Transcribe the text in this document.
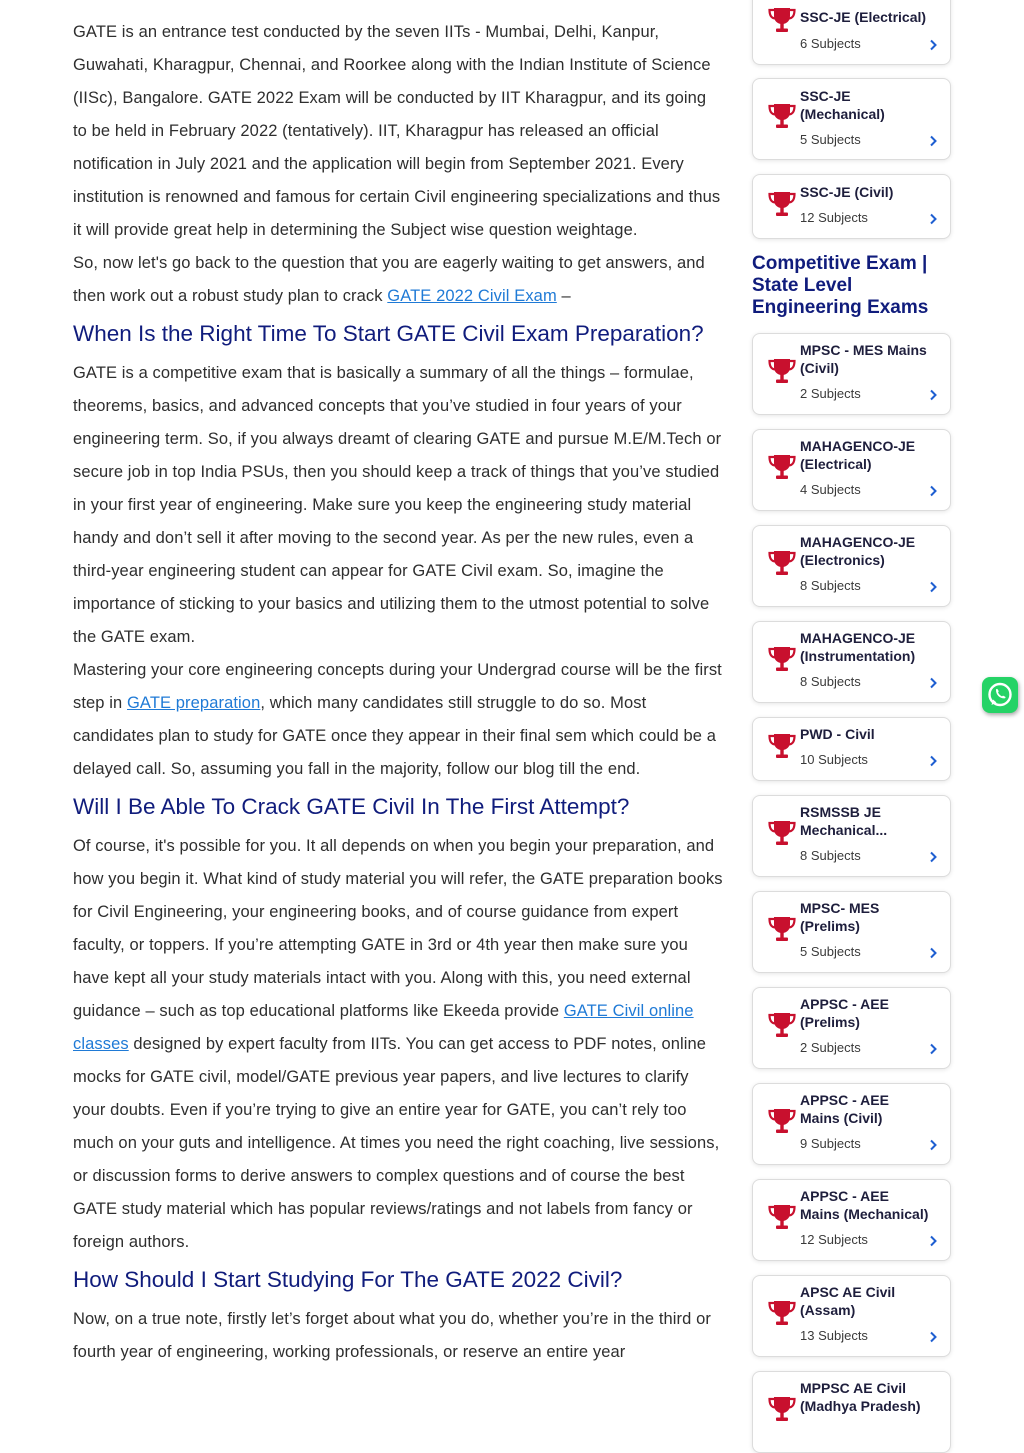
GATE is an entrance test conducted by the seven IITs - Mumbai, Delhi, Kanpur, Guwahati, Kharagpur, Chennai, and Roorkee along with the Indian Institute of Science (IISc), Bangalore. GATE 2022 Exam will be conducted by IIT Kharagpur, and its going to be held in February 2022 (tentatively). IIT, Kharagpur has released an official notification in July 2021 and the application will begin from September 2021. Every institution is renowned and famous for certain Civil engineering specializations and thus it will provide great help in determining the Subject wise question weightage.

So, now let's go back to the question that you are eagerly waiting to get answers, and then work out a robust study plan to crack GATE 2022 Civil Exam –

When Is the Right Time To Start GATE Civil Exam Preparation?

GATE is a competitive exam that is basically a summary of all the things – formulae, theorems, basics, and advanced concepts that you’ve studied in four years of your engineering term. So, if you always dreamt of clearing GATE and pursue M.E/M.Tech or secure job in top India PSUs, then you should keep a track of things that you’ve studied in your first year of engineering. Make sure you keep the engineering study material handy and don’t sell it after moving to the second year. As per the new rules, even a third-year engineering student can appear for GATE Civil exam. So, imagine the importance of sticking to your basics and utilizing them to the utmost potential to solve the GATE exam.

Mastering your core engineering concepts during your Undergrad course will be the first step in GATE preparation, which many candidates still struggle to do so. Most candidates plan to study for GATE once they appear in their final sem which could be a delayed call. So, assuming you fall in the majority, follow our blog till the end.

Will I Be Able To Crack GATE Civil In The First Attempt?

Of course, it's possible for you. It all depends on when you begin your preparation, and how you begin it. What kind of study material you will refer, the GATE preparation books for Civil Engineering, your engineering books, and of course guidance from expert faculty, or toppers. If you’re attempting GATE in 3rd or 4th year then make sure you have kept all your study materials intact with you. Along with this, you need external guidance – such as top educational platforms like Ekeeda provide GATE Civil online classes designed by expert faculty from IITs. You can get access to PDF notes, online mocks for GATE civil, model/GATE previous year papers, and live lectures to clarify your doubts. Even if you’re trying to give an entire year for GATE, you can’t rely too much on your guts and intelligence. At times you need the right coaching, live sessions, or discussion forms to derive answers to complex questions and of course the best GATE study material which has popular reviews/ratings and not labels from fancy or foreign authors.

How Should I Start Studying For The GATE 2022 Civil?

Now, on a true note, firstly let’s forget about what you do, whether you’re in the third or fourth year of engineering, working professionals, or reserve an entire year

Competitive Exam | State Level Engineering Exams
SSC-JE (Electrical)
6 Subjects
SSC-JE
(Mechanical)
5 Subjects
SSC-JE (Civil)
12 Subjects
MPSC - MES Mains
(Civil)
2 Subjects
MAHAGENCO-JE
(Electrical)
4 Subjects
MAHAGENCO-JE
(Electronics)
8 Subjects
MAHAGENCO-JE
(Instrumentation)
8 Subjects
PWD - Civil
10 Subjects
RSMSSB JE
Mechanical...
8 Subjects
MPSC- MES
(Prelims)
5 Subjects
APPSC - AEE
(Prelims)
2 Subjects
APPSC - AEE
Mains (Civil)
9 Subjects
APPSC - AEE
Mains (Mechanical)
12 Subjects
APSC AE Civil
(Assam)
13 Subjects
MPPSC AE Civil
(Madhya Pradesh)
